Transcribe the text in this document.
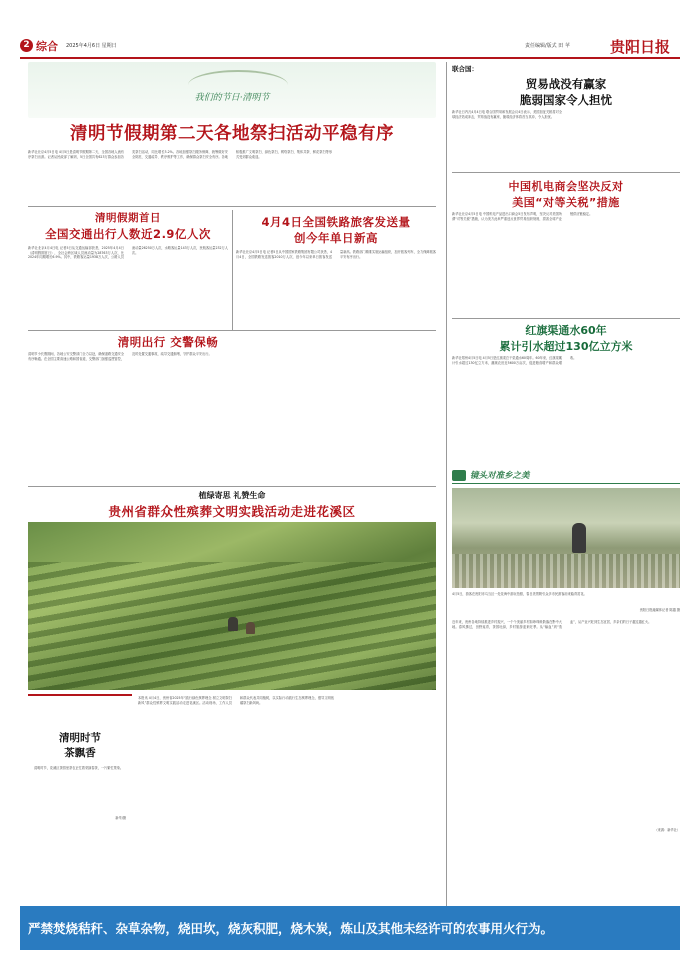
2 综合 2025年4月6日 星期日	责任编辑/版式 田 苹	贵阳日报
我们的节日·清明节
清明节假期第二天各地祭扫活动平稳有序
新华社北京4月5日电 4月5日是清明节假期第二天，全国各地人流有序祭扫出游。记者从民政部了解到，5日全国共有623万群众参加各类祭扫活动，同比增长3.2%。各地加强祭扫服务保障，统筹做好安全防范、交通疏导、秩序维护等工作，确保群众祭扫安全有序。各地积极推广文明祭扫、绿色祭扫，网络祭扫、集体共祭、鲜花祭扫等形式受到群众欢迎。
清明假期首日
全国交通出行人数近2.9亿人次
新华社北京4月4日电 记者5日从交通运输部获悉，2025年4月4日（清明假期首日），全社会跨区域人员流动量为28763万人次，比2024年同期增长6.9%。其中，铁路客运量1938万人次，公路人员流动量26250万人次，水路客运量143万人次，民航客运量232万人次。
4月4日全国铁路旅客发送量
创今年单日新高
新华社北京4月5日电 记者5日从中国国家铁路集团有限公司获悉，4月4日，全国铁路发送旅客2010万人次，创今年以来单日旅客发送量新高。铁路部门精准实施运输组织，加开旅客列车，全力保障旅客平安有序出行。
清明出行 交警保畅
清明节小长假期间，各地公安交警部门全力以赴，确保道路交通安全有序畅通。在全国主要高速公路和国省道，交警部门加强巡逻管控，及时处置交通事故，疏导交通拥堵，守护群众平安出行。
植绿寄思 礼赞生命
贵州省群众性殡葬文明实践活动走进花溪区
清明时节
茶飘香
清明时节，花溪区茶园里茶农正忙着采摘春茶，一片繁忙景象。
新华/摄
本报讯 4月4日，贵州省2025年“践行绿色殡葬理念 树立文明祭扫新风”群众性殡葬文明实践活动走进花溪区。活动现场，工作人员和群众代表共同植树，以实际行动践行生态殡葬理念，倡导文明低碳祭扫新风尚。
联合国：
贸易战没有赢家
脆弱国家令人担忧
新华社日内瓦4月4日电 联合国贸易和发展会议4日表示，美国加征关税将对全球经济造成冲击，贸易战没有赢家，脆弱经济体将首当其冲，令人担忧。
中国机电商会坚决反对
美国“对等关税”措施
新华社北京4月5日电 中国机电产品进出口商会5日发布声明，坚决反对美国所谓“对等关税”措施，认为美方此举严重违反世界贸易组织规则，损害全球产业链供应链稳定。
红旗渠通水60年
累计引水超过130亿立方米
新华社郑州4月5日电 4月5日是红旗渠总干渠通水60周年。60年来，红旗渠累计引水超过130亿立方米，灌溉农田近5600万亩次，促进粮食增产和群众增收。
镜头对准乡之美
4月5日，游客在贵阳市乌当区一处花海中游玩拍照，春日美景吸引众多市民游客前来踏青赏花。
贵阳日报融媒体记者 陈越 摄
近年来，贵州各地持续推进乡村振兴，一个个美丽乡村如珍珠般散落在黔中大地。春风拂过，田野返青，茶园吐绿，乡村旅游迎来旺季。从“输血”到“造血”，从产业兴旺到生态宜居，乡亲们的日子越过越红火。
（来源：新华社）
严禁焚烧秸秆、杂草杂物，烧田坎，烧灰积肥，烧木炭，炼山及其他未经许可的农事用火行为。
